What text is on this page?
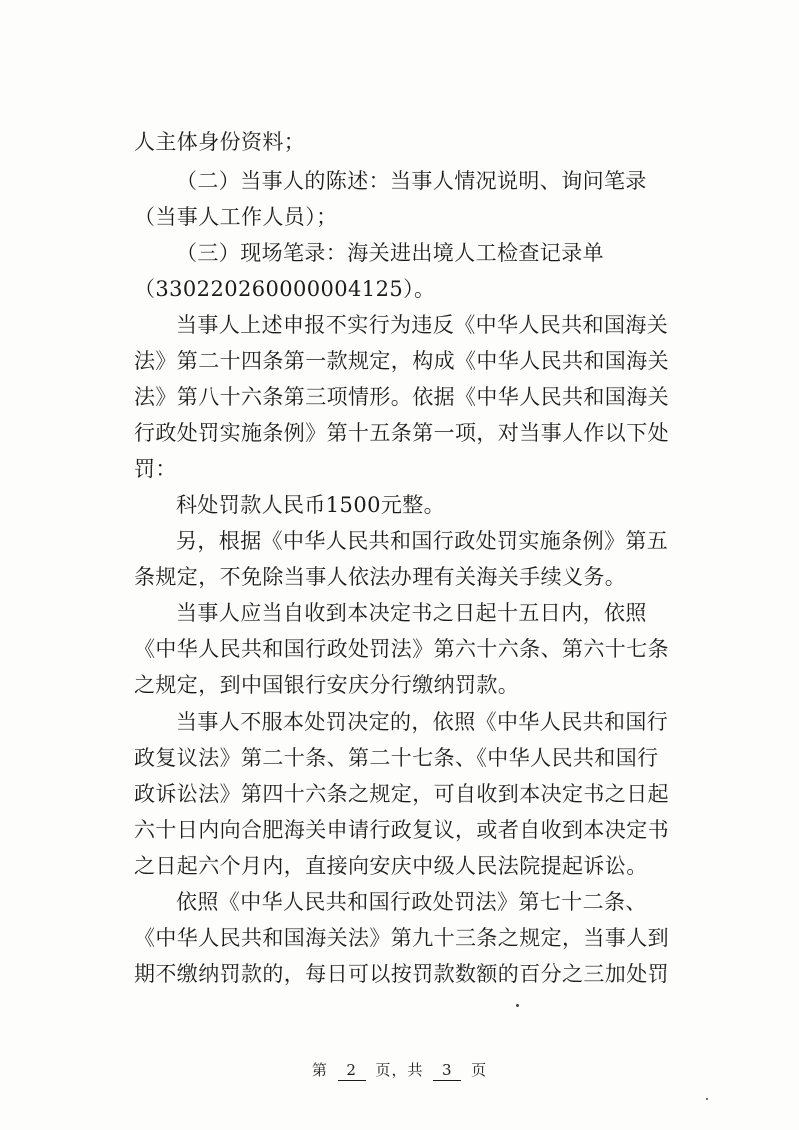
人主体身份资料；
（二）当事人的陈述：当事人情况说明、询问笔录
（当事人工作人员）；
（三）现场笔录：海关进出境人工检查记录单
（330220260000004125）。
当事人上述申报不实行为违反《中华人民共和国海关
法》第二十四条第一款规定，构成《中华人民共和国海关
法》第八十六条第三项情形。依据《中华人民共和国海关
行政处罚实施条例》第十五条第一项，对当事人作以下处
罚：
科处罚款人民币1500元整。
另，根据《中华人民共和国行政处罚实施条例》第五
条规定，不免除当事人依法办理有关海关手续义务。
当事人应当自收到本决定书之日起十五日内，依照
《中华人民共和国行政处罚法》第六十六条、第六十七条
之规定，到中国银行安庆分行缴纳罚款。
当事人不服本处罚决定的，依照《中华人民共和国行
政复议法》第二十条、第二十七条、《中华人民共和国行
政诉讼法》第四十六条之规定，可自收到本决定书之日起
六十日内向合肥海关申请行政复议，或者自收到本决定书
之日起六个月内，直接向安庆中级人民法院提起诉讼。
依照《中华人民共和国行政处罚法》第七十二条、
《中华人民共和国海关法》第九十三条之规定，当事人到
期不缴纳罚款的，每日可以按罚款数额的百分之三加处罚
第 2 页，共 3 页
